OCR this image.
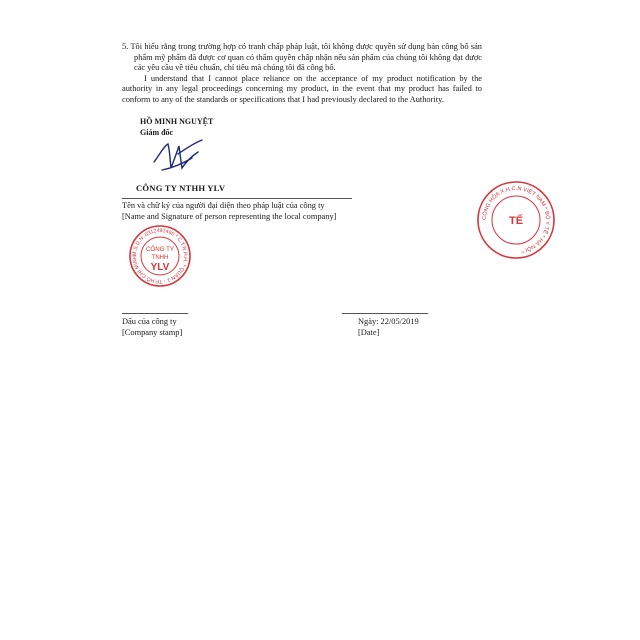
5. Tôi hiểu rằng trong trường hợp có tranh chấp pháp luật, tôi không được quyền sử dụng bản công bố sản phẩm mỹ phẩm đã được cơ quan có thẩm quyền chấp nhận nếu sản phẩm của chúng tôi không đạt được các yêu cầu về tiêu chuẩn, chỉ tiêu mà chúng tôi đã công bố.

I understand that I cannot place reliance on the acceptance of my product notification by the authority in any legal proceedings concerning my product, in the event that my product has failed to conform to any of the standards or specifications that I had previously declared to the Authority.

HỒ MINH NGUYỆT
Giám đốc
CÔNG TY NTHH YLV
Tên và chữ ký của người đại diện theo pháp luật của công ty
[Name and Signature of person representing the local company]
M.S.D.N: 0312492460 * C.T.N.H.H. * QUẬN 1 - TP.HỒ CHÍ MINH
CÔNG TY
TNHH
YLV
CỘNG HÒA X.H.C.N VIỆT NAM * BỘ Y TẾ * HÀ NỘI *
TẾ
Dấu của công ty
[Company stamp]
Ngày: 22/05/2019
[Date]
